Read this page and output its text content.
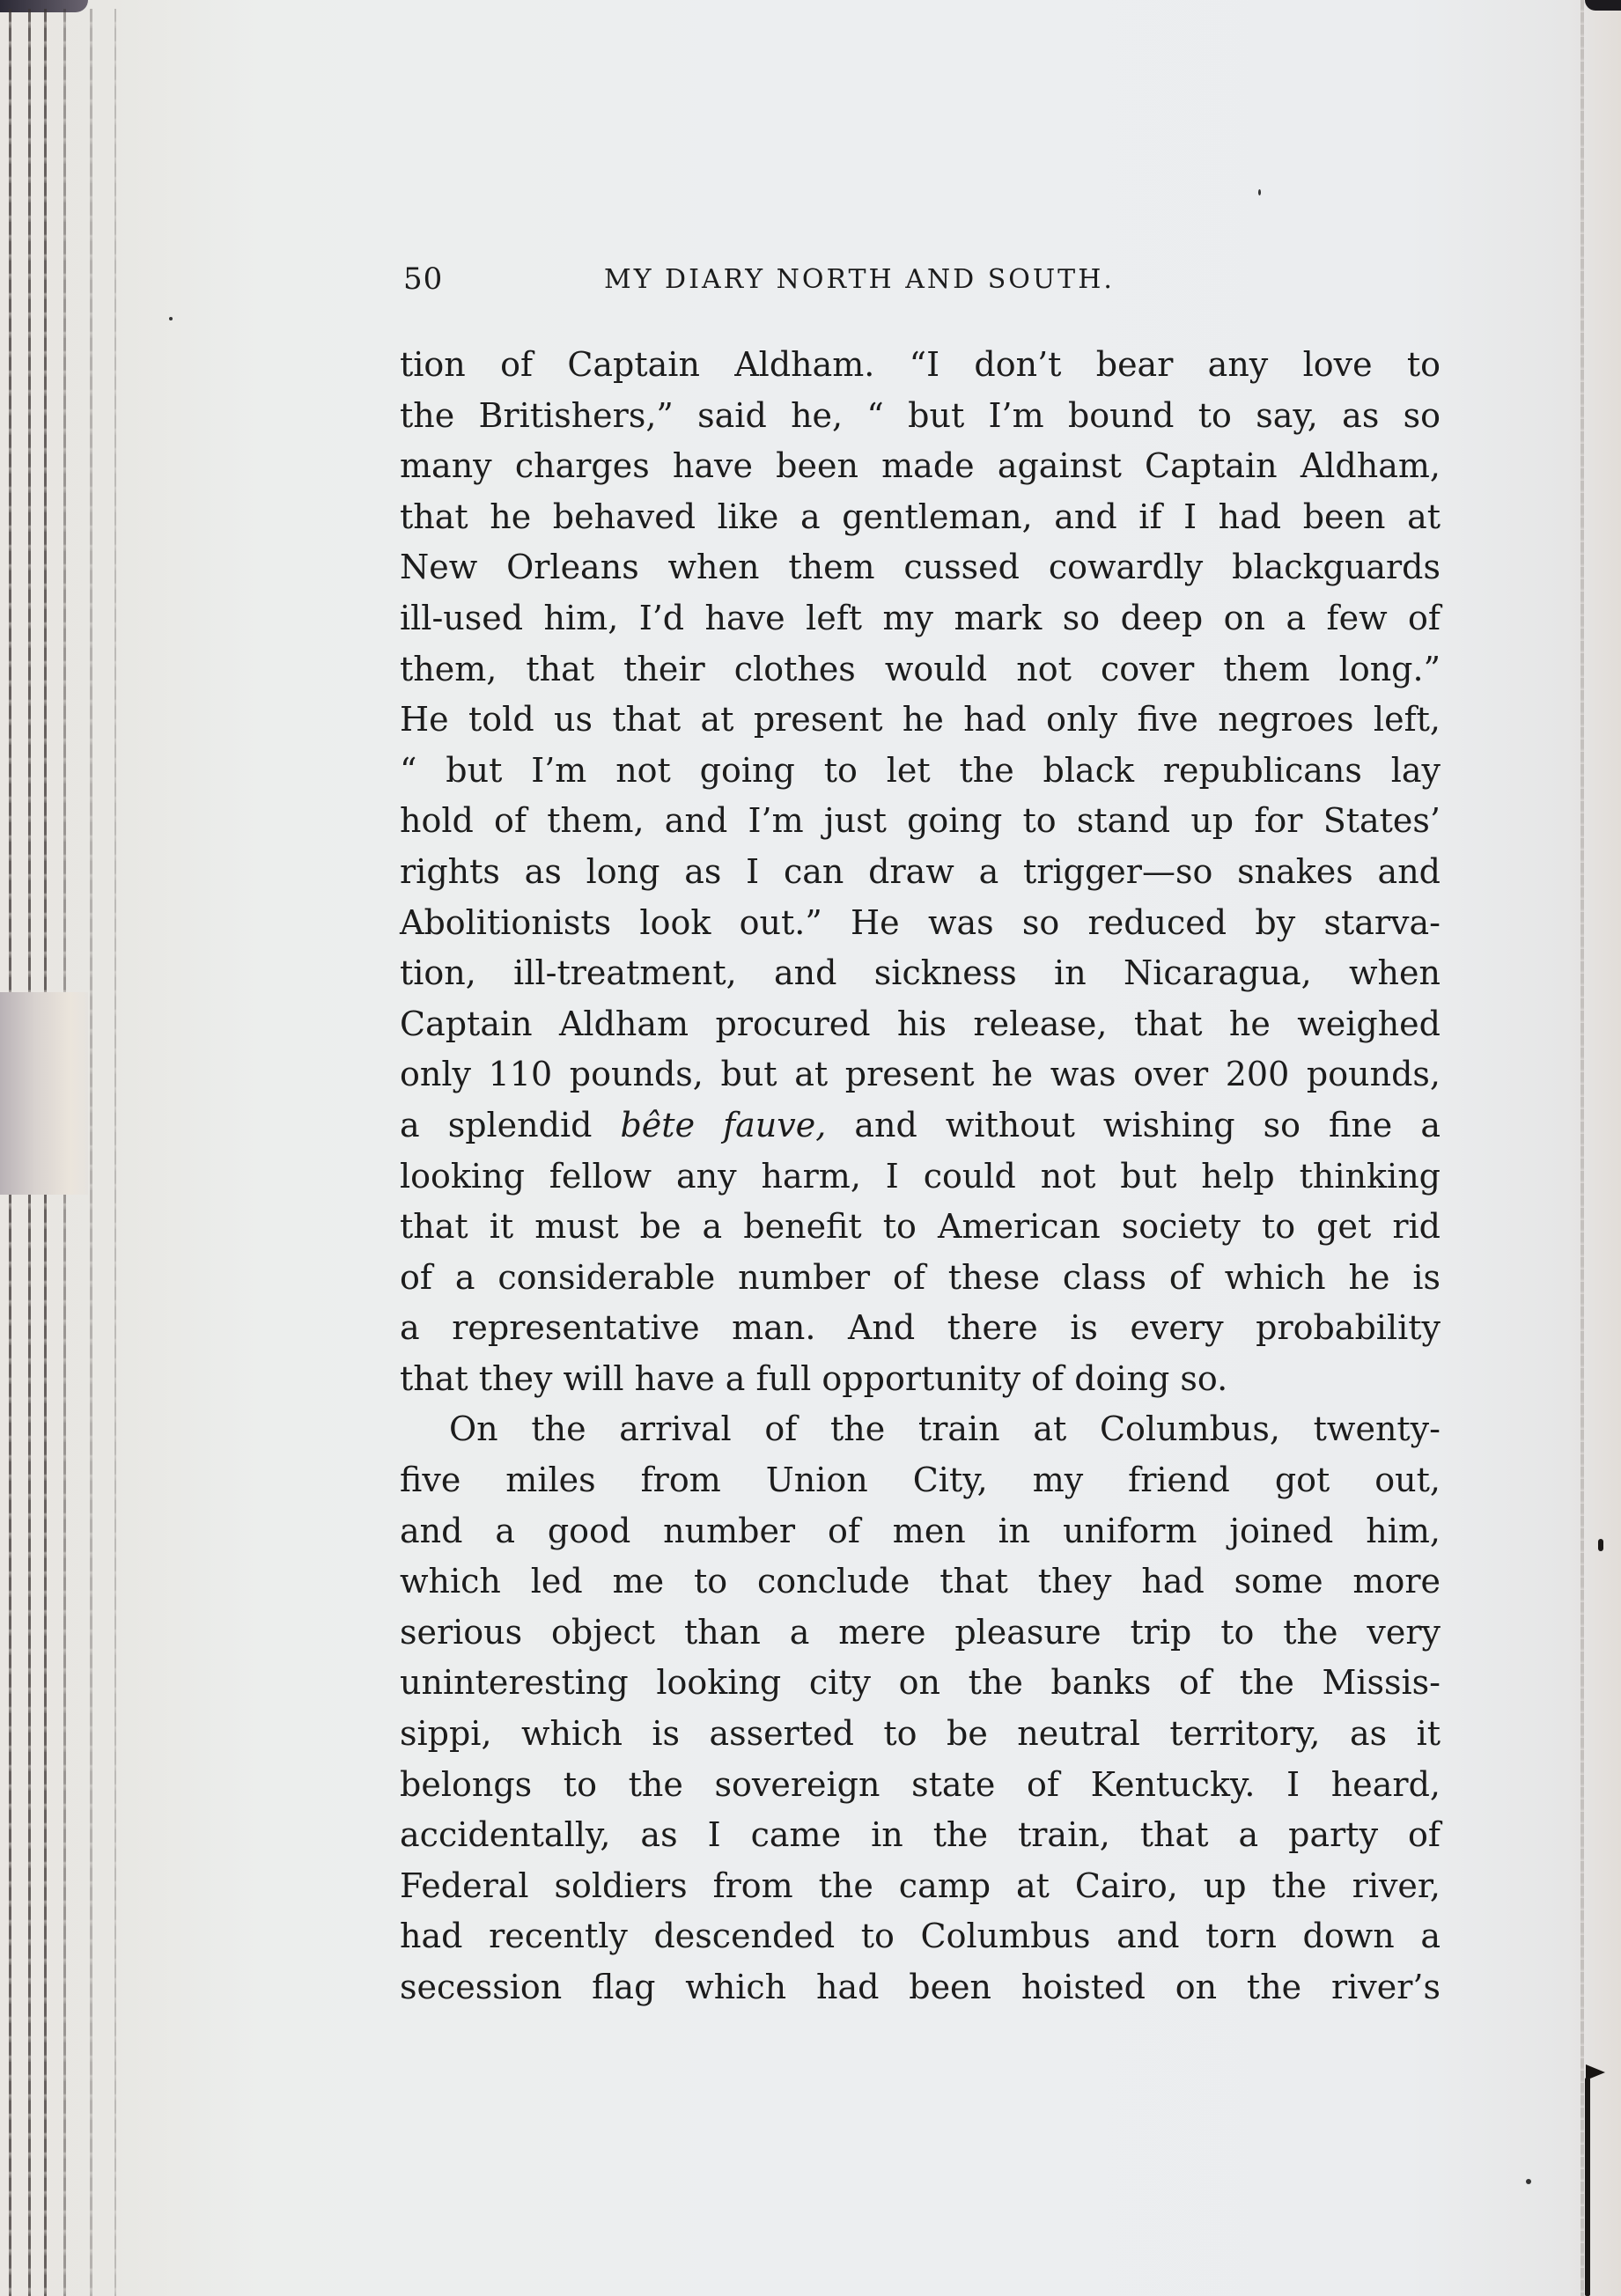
50	MY DIARY NORTH AND SOUTH.
tion of Captain Aldham. “I don’t bear any love to
the Britishers,” said he, “ but I’m bound to say, as so
many charges have been made against Captain Aldham,
that he behaved like a gentleman, and if I had been at
New Orleans when them cussed cowardly blackguards
ill-used him, I’d have left my mark so deep on a few of
them, that their clothes would not cover them long.”
He told us that at present he had only five negroes left,
“ but I’m not going to let the black republicans lay
hold of them, and I’m just going to stand up for States’
rights as long as I can draw a trigger—so snakes and
Abolitionists look out.” He was so reduced by starva-
tion, ill-treatment, and sickness in Nicaragua, when
Captain Aldham procured his release, that he weighed
only 110 pounds, but at present he was over 200 pounds,
a splendid bête fauve, and without wishing so fine a
looking fellow any harm, I could not but help thinking
that it must be a benefit to American society to get rid
of a considerable number of these class of which he is
a representative man. And there is every probability
that they will have a full opportunity of doing so.
On the arrival of the train at Columbus, twenty-
five miles from Union City, my friend got out,
and a good number of men in uniform joined him,
which led me to conclude that they had some more
serious object than a mere pleasure trip to the very
uninteresting looking city on the banks of the Missis-
sippi, which is asserted to be neutral territory, as it
belongs to the sovereign state of Kentucky. I heard,
accidentally, as I came in the train, that a party of
Federal soldiers from the camp at Cairo, up the river,
had recently descended to Columbus and torn down a
secession flag which had been hoisted on the river’s
